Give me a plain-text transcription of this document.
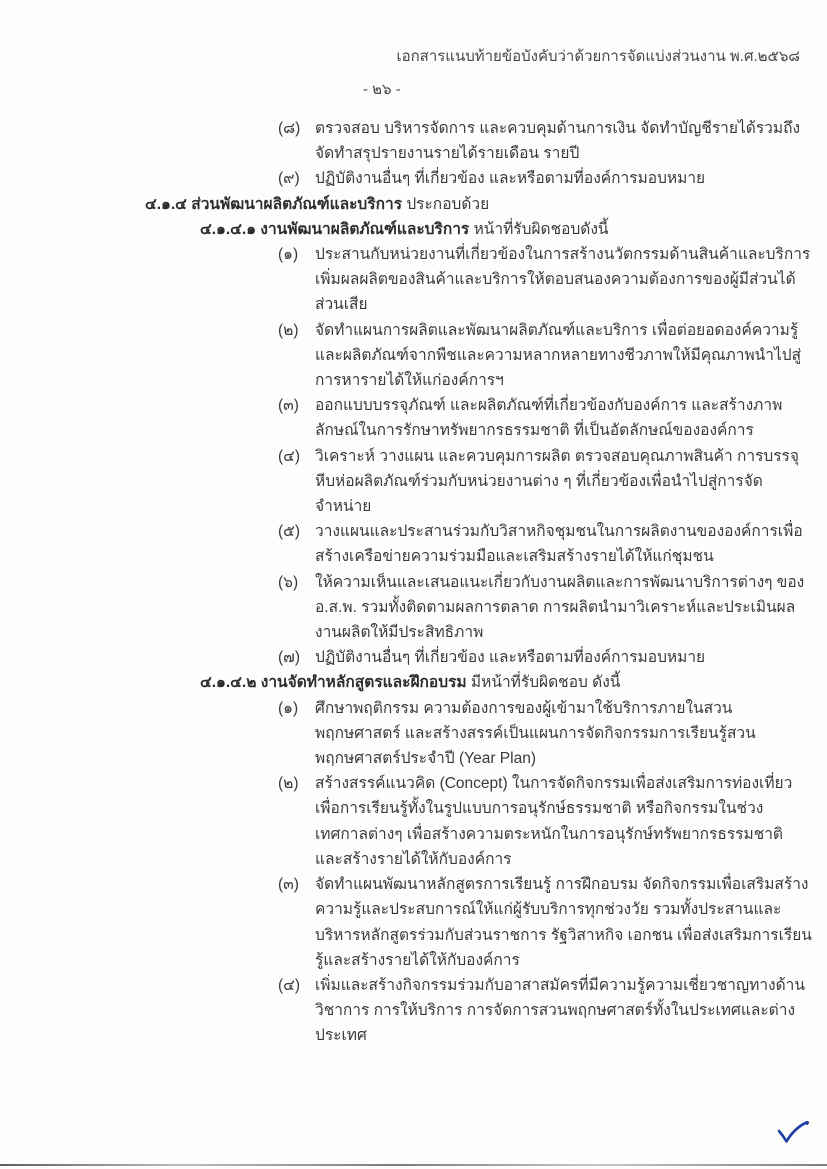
เอกสารแนบท้ายข้อบังคับว่าด้วยการจัดแบ่งส่วนงาน พ.ศ.๒๕๖๘
- ๒๖ -
(๘) ตรวจสอบ บริหารจัดการ และควบคุมด้านการเงิน จัดทำบัญชีรายได้รวมถึงจัดทำสรุปรายงานรายได้รายเดือน รายปี
(๙) ปฏิบัติงานอื่นๆ ที่เกี่ยวข้อง และหรือตามที่องค์การมอบหมาย
๔.๑.๔ ส่วนพัฒนาผลิตภัณฑ์และบริการ ประกอบด้วย
๔.๑.๔.๑ งานพัฒนาผลิตภัณฑ์และบริการ หน้าที่รับผิดชอบดังนี้
(๑)	ประสานกับหน่วยงานที่เกี่ยวข้องในการสร้างนวัตกรรมด้านสินค้าและบริการ เพิ่มผลผลิตของสินค้าและบริการให้ตอบสนองความต้องการของผู้มีส่วนได้ส่วนเสีย
(๒)	จัดทำแผนการผลิตและพัฒนาผลิตภัณฑ์และบริการ เพื่อต่อยอดองค์ความรู้และผลิตภัณฑ์จากพืชและความหลากหลายทางชีวภาพให้มีคุณภาพนำไปสู่การหารายได้ให้แก่องค์การฯ
(๓)	ออกแบบบรรจุภัณฑ์ และผลิตภัณฑ์ที่เกี่ยวข้องกับองค์การ และสร้างภาพลักษณ์ในการรักษาทรัพยากรธรรมชาติ ที่เป็นอัตลักษณ์ขององค์การ
(๔) วิเคราะห์ วางแผน และควบคุมการผลิต ตรวจสอบคุณภาพสินค้า การบรรจุหีบห่อผลิตภัณฑ์ร่วมกับหน่วยงานต่าง ๆ ที่เกี่ยวข้องเพื่อนำไปสู่การจัดจำหน่าย
(๕) วางแผนและประสานร่วมกับวิสาหกิจชุมชนในการผลิตงานขององค์การเพื่อสร้างเครือข่ายความร่วมมือและเสริมสร้างรายได้ให้แก่ชุมชน
(๖)	ให้ความเห็นและเสนอแนะเกี่ยวกับงานผลิตและการพัฒนาบริการต่างๆ ของ อ.ส.พ. รวมทั้งติดตามผลการตลาด การผลิตนำมาวิเคราะห์และประเมินผลงานผลิตให้มีประสิทธิภาพ
(๗) ปฏิบัติงานอื่นๆ ที่เกี่ยวข้อง และหรือตามที่องค์การมอบหมาย
๔.๑.๔.๒ งานจัดทำหลักสูตรและฝึกอบรม มีหน้าที่รับผิดชอบ ดังนี้
(๑)	ศึกษาพฤติกรรม ความต้องการของผู้เข้ามาใช้บริการภายในสวนพฤกษศาสตร์ และสร้างสรรค์เป็นแผนการจัดกิจกรรมการเรียนรู้สวนพฤกษศาสตร์ประจำปี (Year Plan)
(๒)	สร้างสรรค์แนวคิด (Concept) ในการจัดกิจกรรมเพื่อส่งเสริมการท่องเที่ยวเพื่อการเรียนรู้ทั้งในรูปแบบการอนุรักษ์ธรรมชาติ หรือกิจกรรมในช่วงเทศกาลต่างๆ เพื่อสร้างความตระหนักในการอนุรักษ์ทรัพยากรธรรมชาติ และสร้างรายได้ให้กับองค์การ
(๓)	จัดทำแผนพัฒนาหลักสูตรการเรียนรู้ การฝึกอบรม จัดกิจกรรมเพื่อเสริมสร้างความรู้และประสบการณ์ให้แก่ผู้รับบริการทุกช่วงวัย รวมทั้งประสานและบริหารหลักสูตรร่วมกับส่วนราชการ รัฐวิสาหกิจ เอกชน เพื่อส่งเสริมการเรียนรู้และสร้างรายได้ให้กับองค์การ
(๔) เพิ่มและสร้างกิจกรรมร่วมกับอาสาสมัครที่มีความรู้ความเชี่ยวชาญทางด้านวิชาการ การให้บริการ การจัดการสวนพฤกษศาสตร์ทั้งในประเทศและต่างประเทศ
